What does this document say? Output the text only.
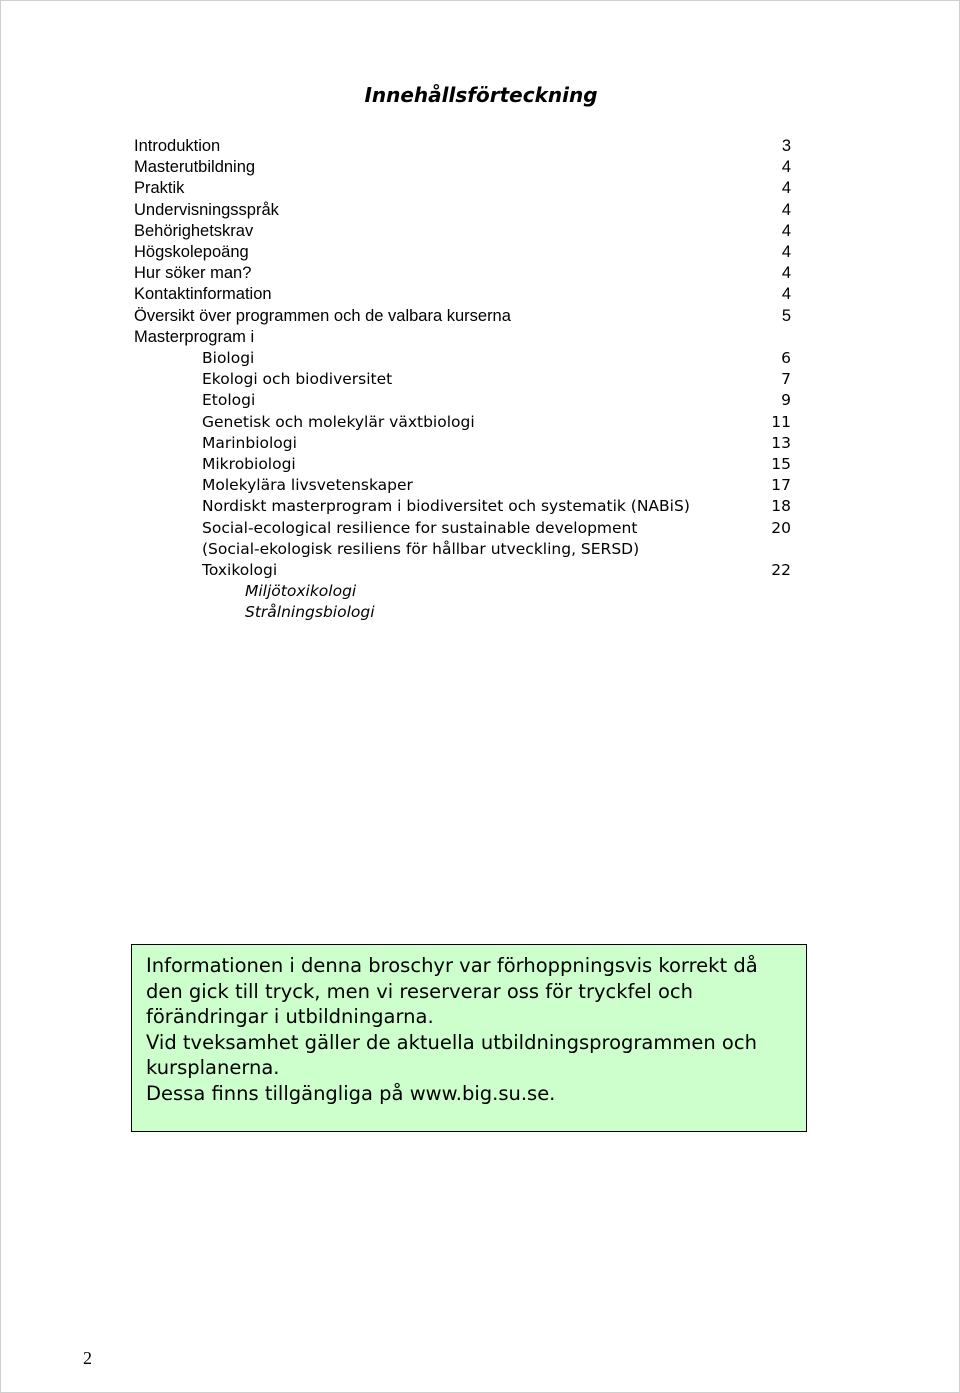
Innehållsförteckning
Introduktion	3
Masterutbildning	4
Praktik	4
Undervisningsspråk	4
Behörighetskrav	4
Högskolepoäng	4
Hur söker man?	4
Kontaktinformation	4
Översikt över programmen och de valbara kurserna	5
Masterprogram i
Biologi	6
Ekologi och biodiversitet	7
Etologi	9
Genetisk och molekylär växtbiologi	11
Marinbiologi	13
Mikrobiologi	15
Molekylära livsvetenskaper	17
Nordiskt masterprogram i biodiversitet och systematik (NABiS)	18
Social-ecological resilience for sustainable development	20
(Social-ekologisk resiliens för hållbar utveckling, SERSD)
Toxikologi	22
Miljötoxikologi
Strålningsbiologi

Informationen i denna broschyr var förhoppningsvis korrekt då den gick till tryck, men vi reserverar oss för tryckfel och förändringar i utbildningarna.

Vid tveksamhet gäller de aktuella utbildningsprogrammen och kursplanerna.

Dessa finns tillgängliga på www.big.su.se.

2
